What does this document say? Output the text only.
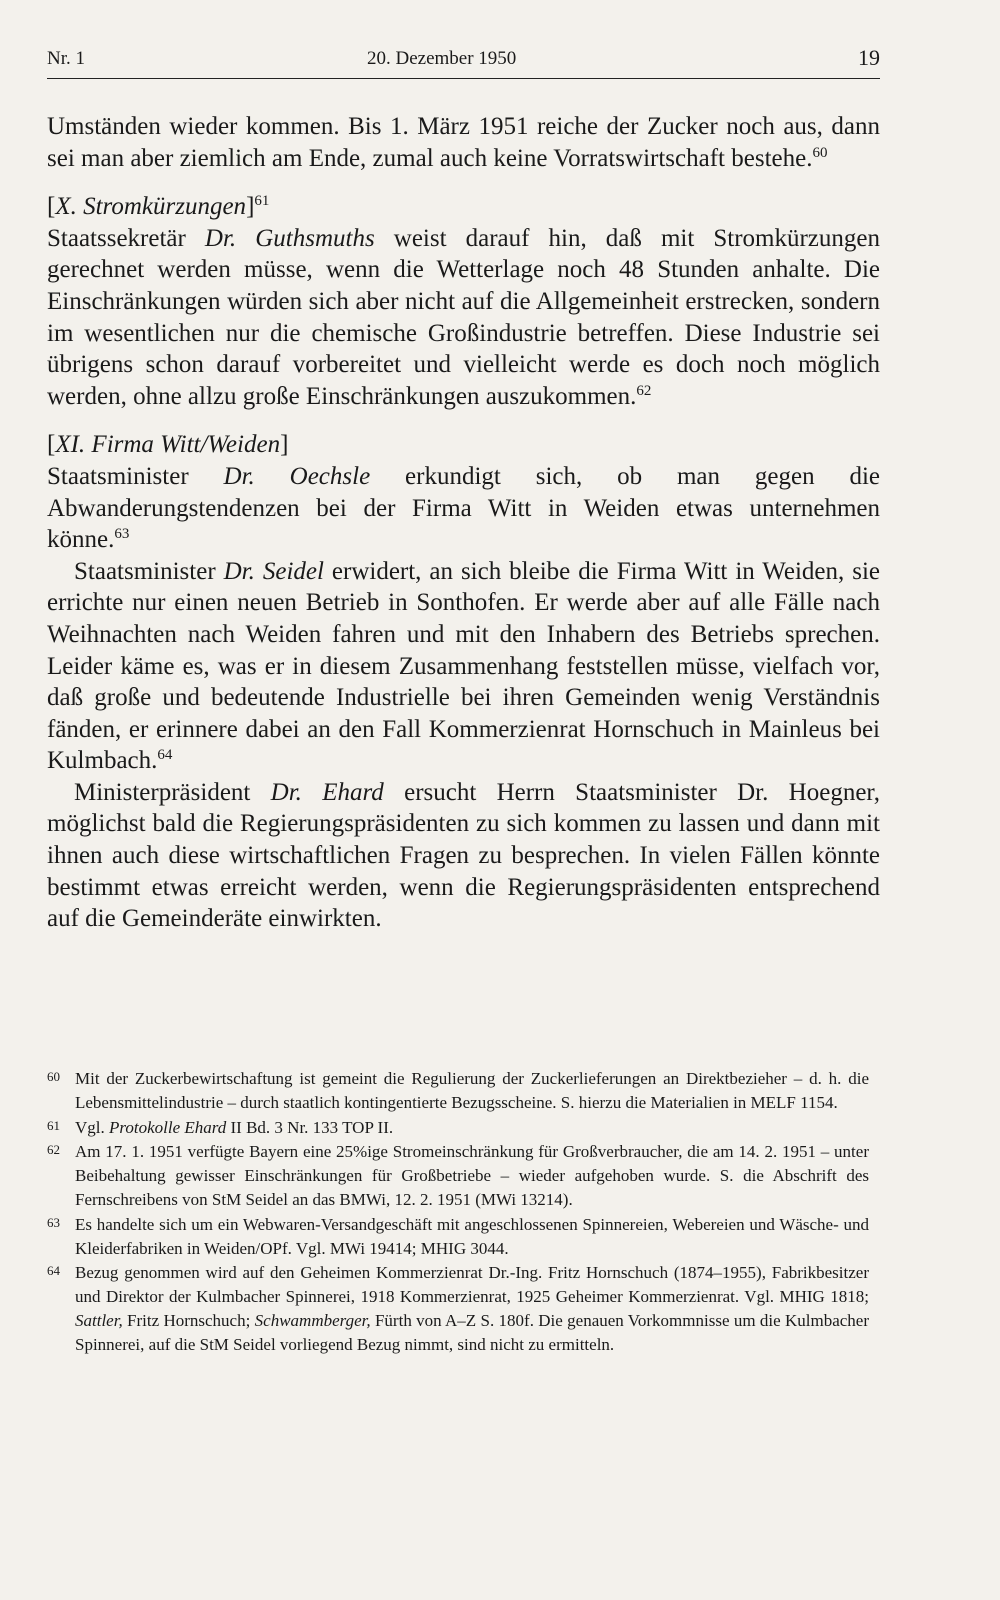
Nr. 1	20. Dezember 1950	19

Umständen wieder kommen. Bis 1. März 1951 reiche der Zucker noch aus, dann sei man aber ziemlich am Ende, zumal auch keine Vorratswirtschaft bestehe.$^{60}$

[X. Stromkürzungen]$^{61}$

Staatssekretär Dr. Guthsmuths weist darauf hin, daß mit Stromkürzungen gerechnet werden müsse, wenn die Wetterlage noch 48 Stunden anhalte. Die Einschränkungen würden sich aber nicht auf die Allgemeinheit erstrecken, sondern im wesentlichen nur die chemische Großindustrie betreffen. Diese Industrie sei übrigens schon darauf vorbereitet und vielleicht werde es doch noch möglich werden, ohne allzu große Einschränkungen auszukommen.$^{62}$

[XI. Firma Witt/Weiden]

Staatsminister Dr. Oechsle erkundigt sich, ob man gegen die Abwanderungstendenzen bei der Firma Witt in Weiden etwas unternehmen könne.$^{63}$

Staatsminister Dr. Seidel erwidert, an sich bleibe die Firma Witt in Weiden, sie errichte nur einen neuen Betrieb in Sonthofen. Er werde aber auf alle Fälle nach Weihnachten nach Weiden fahren und mit den Inhabern des Betriebs sprechen. Leider käme es, was er in diesem Zusammenhang feststellen müsse, vielfach vor, daß große und bedeutende Industrielle bei ihren Gemeinden wenig Verständnis fänden, er erinnere dabei an den Fall Kommerzienrat Hornschuch in Mainleus bei Kulmbach.$^{64}$

Ministerpräsident Dr. Ehard ersucht Herrn Staatsminister Dr. Hoegner, möglichst bald die Regierungspräsidenten zu sich kommen zu lassen und dann mit ihnen auch diese wirtschaftlichen Fragen zu besprechen. In vielen Fällen könnte bestimmt etwas erreicht werden, wenn die Regierungspräsidenten entsprechend auf die Gemeinderäte einwirkten.

60 Mit der Zuckerbewirtschaftung ist gemeint die Regulierung der Zuckerlieferungen an Direktbezieher – d. h. die Lebensmittelindustrie – durch staatlich kontingentierte Bezugsscheine. S. hierzu die Materialien in MELF 1154.
61 Vgl. Protokolle Ehard II Bd. 3 Nr. 133 TOP II.
62 Am 17. 1. 1951 verfügte Bayern eine 25%ige Stromeinschränkung für Großverbraucher, die am 14. 2. 1951 – unter Beibehaltung gewisser Einschränkungen für Großbetriebe – wieder aufgehoben wurde. S. die Abschrift des Fernschreibens von StM Seidel an das BMWi, 12. 2. 1951 (MWi 13214).
63 Es handelte sich um ein Webwaren-Versandgeschäft mit angeschlossenen Spinnereien, Webereien und Wäsche- und Kleiderfabriken in Weiden/OPf. Vgl. MWi 19414; MHIG 3044.
64 Bezug genommen wird auf den Geheimen Kommerzienrat Dr.-Ing. Fritz Hornschuch (1874–1955), Fabrikbesitzer und Direktor der Kulmbacher Spinnerei, 1918 Kommerzienrat, 1925 Geheimer Kommerzienrat. Vgl. MHIG 1818; Sattler, Fritz Hornschuch; Schwammberger, Fürth von A–Z S. 180f. Die genauen Vorkommnisse um die Kulmbacher Spinnerei, auf die StM Seidel vorliegend Bezug nimmt, sind nicht zu ermitteln.
